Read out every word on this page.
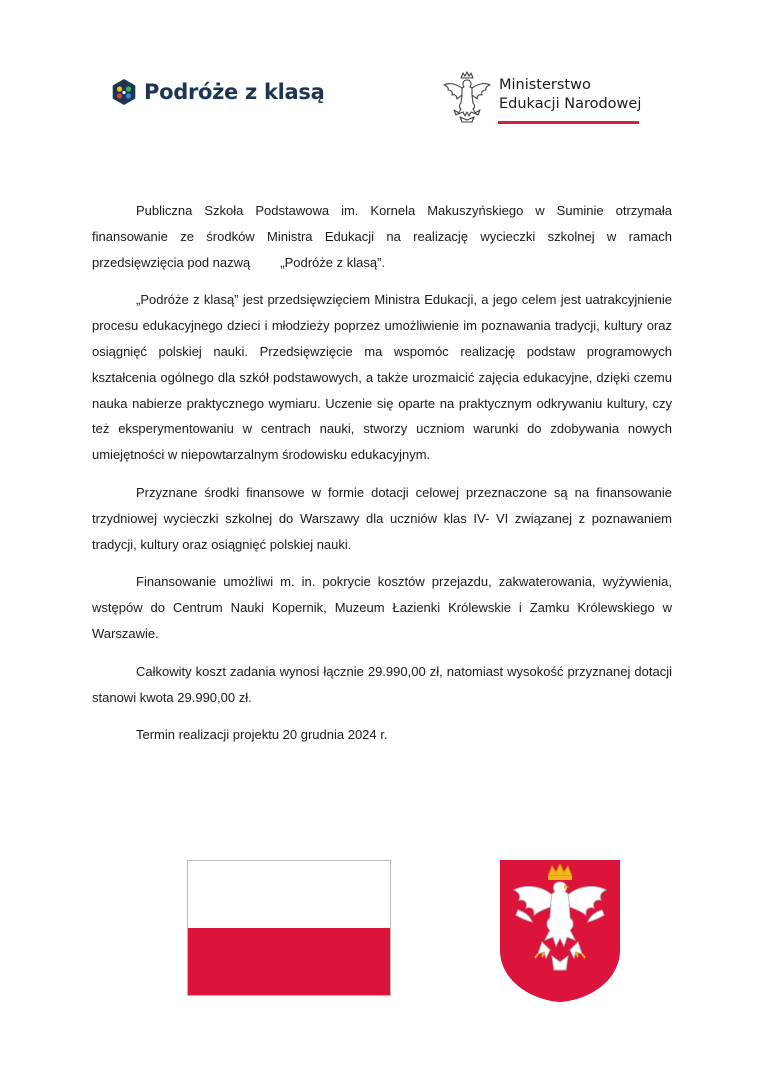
Podróże z klasą	Ministerstwo
Edukacji Narodowej

Publiczna Szkoła Podstawowa im. Kornela Makuszyńskiego w Suminie otrzymała finansowanie ze środków Ministra Edukacji na realizację wycieczki szkolnej w ramach przedsięwzięcia pod nazwą „Podróże z klasą”.

„Podróże z klasą” jest przedsięwzięciem Ministra Edukacji, a jego celem jest uatrakcyjnienie procesu edukacyjnego dzieci i młodzieży poprzez umożliwienie im poznawania tradycji, kultury oraz osiągnięć polskiej nauki. Przedsięwzięcie ma wspomóc realizację podstaw programowych kształcenia ogólnego dla szkół podstawowych, a także urozmaicić zajęcia edukacyjne, dzięki czemu nauka nabierze praktycznego wymiaru. Uczenie się oparte na praktycznym odkrywaniu kultury, czy też eksperymentowaniu w centrach nauki, stworzy uczniom warunki do zdobywania nowych umiejętności w niepowtarzalnym środowisku edukacyjnym.

Przyznane środki finansowe w formie dotacji celowej przeznaczone są na finansowanie trzydniowej wycieczki szkolnej do Warszawy dla uczniów klas IV- VI związanej z poznawaniem tradycji, kultury oraz osiągnięć polskiej nauki.

Finansowanie umożliwi m. in. pokrycie kosztów przejazdu, zakwaterowania, wyżywienia, wstępów do Centrum Nauki Kopernik, Muzeum Łazienki Królewskie i Zamku Królewskiego w Warszawie.

Całkowity koszt zadania wynosi łącznie 29.990,00 zł, natomiast wysokość przyznanej dotacji stanowi kwota 29.990,00 zł.

Termin realizacji projektu 20 grudnia 2024 r.
